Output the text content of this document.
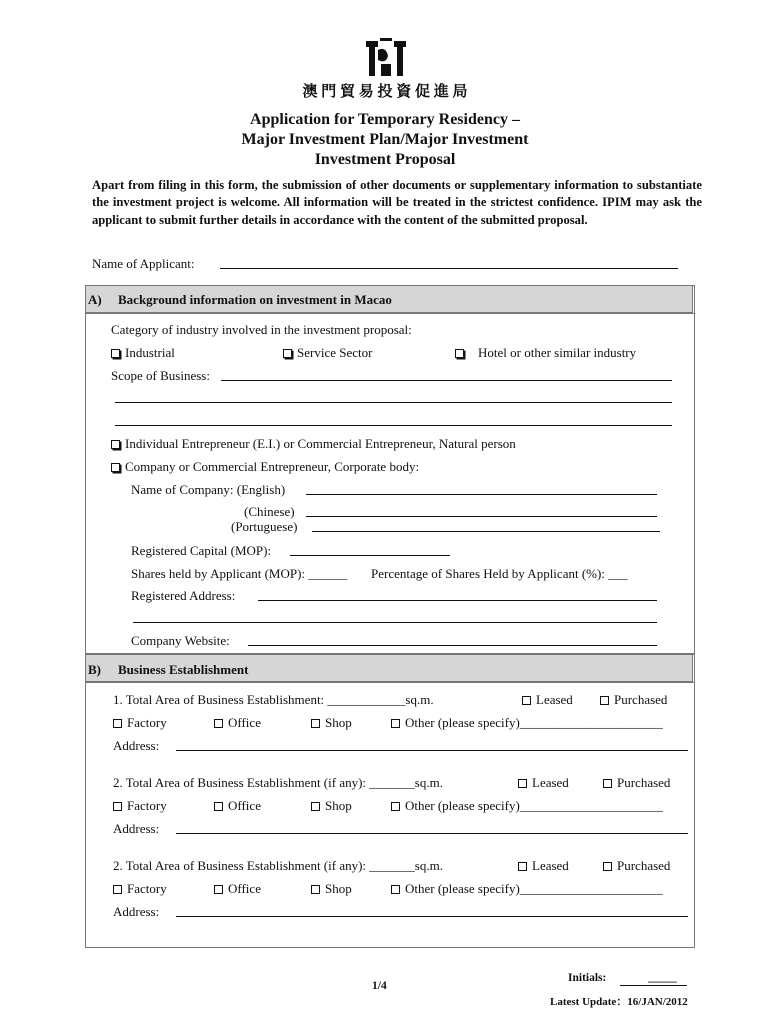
澳 門 貿 易 投 資 促 進 局
Application for Temporary Residency –
Major Investment Plan/Major Investment
Investment Proposal
Apart from filing in this form, the submission of other documents or supplementary information to substantiate the investment project is welcome. All information will be treated in the strictest confidence. IPIM may ask the applicant to submit further details in accordance with the content of the submitted proposal.
Name of Applicant:
A) Background information on investment in Macao
Category of industry involved in the investment proposal:
Industrial	Service Sector	Hotel or other similar industry
Scope of Business:
Individual Entrepreneur (E.I.) or Commercial Entrepreneur, Natural person
Company or Commercial Entrepreneur, Corporate body:
Name of Company: (English)
(Chinese)
(Portuguese)
Registered Capital (MOP):
Shares held by Applicant (MOP): ______ Percentage of Shares Held by Applicant (%): ___
Registered Address:
Company Website:
B) Business Establishment
1. Total Area of Business Establishment: ____________sq.m.	Leased	Purchased
Factory	Office	Shop	Other (please specify)______________________
Address:
2. Total Area of Business Establishment (if any): _______sq.m.	Leased	Purchased
Factory	Office	Shop	Other (please specify)______________________
Address:
2. Total Area of Business Establishment (if any): _______sq.m.	Leased	Purchased
Factory	Office	Shop	Other (please specify)______________________
Address:
Initials:	_____
1/4
Latest Update：16/JAN/2012
